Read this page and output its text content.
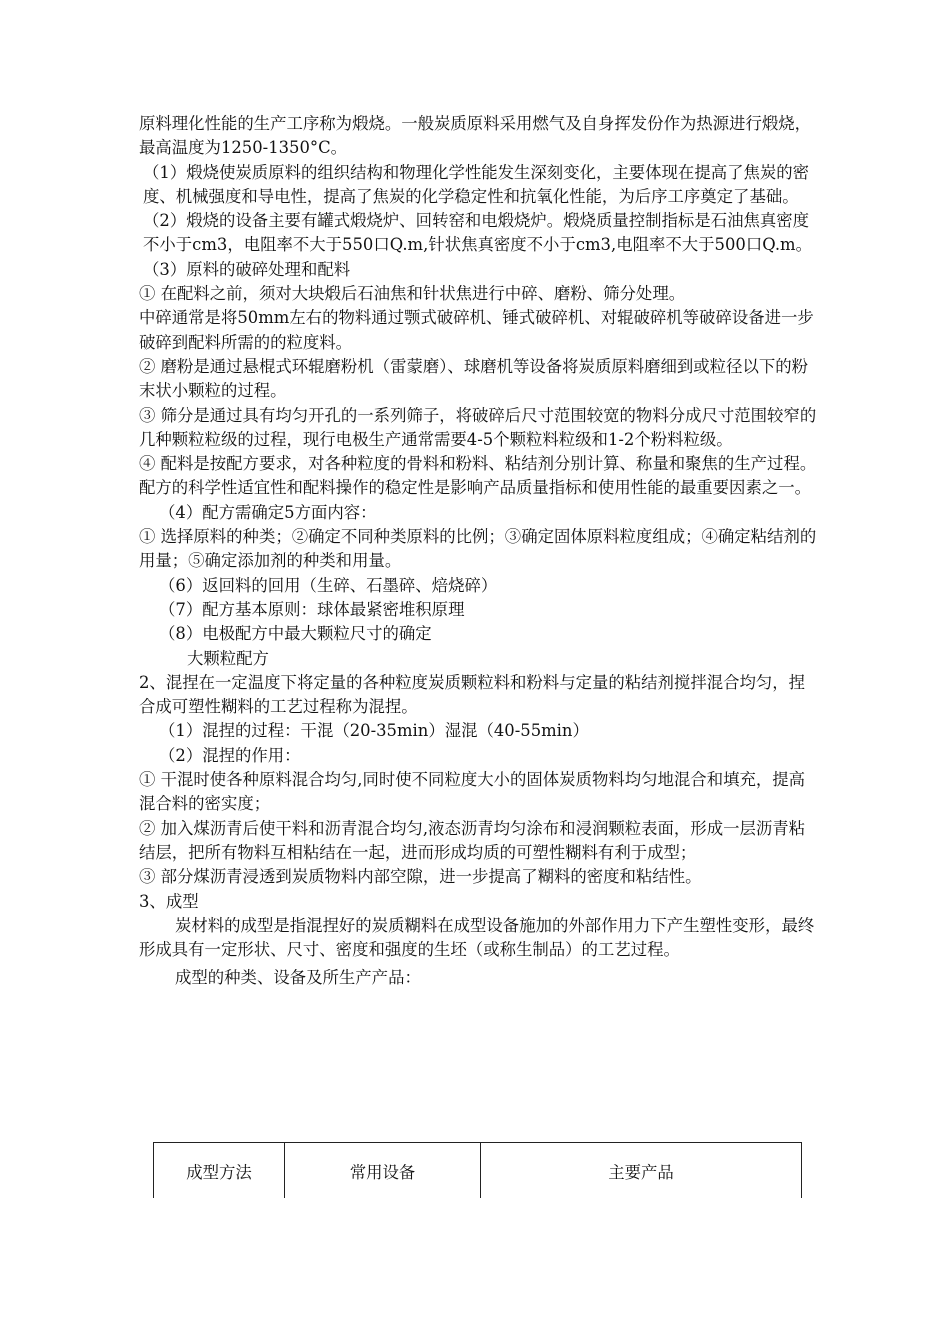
原料理化性能的生产工序称为煅烧。一般炭质原料采用燃气及自身挥发份作为热源进行煅烧，最高温度为1250-1350°C。

（1）煅烧使炭质原料的组织结构和物理化学性能发生深刻变化，主要体现在提高了焦炭的密度、机械强度和导电性，提高了焦炭的化学稳定性和抗氧化性能，为后序工序奠定了基础。

（2）煅烧的设备主要有罐式煅烧炉、回转窑和电煅烧炉。煅烧质量控制指标是石油焦真密度不小于cm3，电阻率不大于550口Q.m,针状焦真密度不小于cm3,电阻率不大于500口Q.m。

（3）原料的破碎处理和配料

① 在配料之前，须对大块煅后石油焦和针状焦进行中碎、磨粉、筛分处理。

中碎通常是将50mm左右的物料通过颚式破碎机、锤式破碎机、对辊破碎机等破碎设备进一步破碎到配料所需的的粒度料。

② 磨粉是通过悬棍式环辊磨粉机（雷蒙磨）、球磨机等设备将炭质原料磨细到或粒径以下的粉末状小颗粒的过程。

③ 筛分是通过具有均匀开孔的一系列筛子，将破碎后尺寸范围较宽的物料分成尺寸范围较窄的几种颗粒粒级的过程，现行电极生产通常需要4-5个颗粒料粒级和1-2个粉料粒级。

④ 配料是按配方要求，对各种粒度的骨料和粉料、粘结剂分别计算、称量和聚焦的生产过程。配方的科学性适宜性和配料操作的稳定性是影响产品质量指标和使用性能的最重要因素之一。

（4）配方需确定5方面内容：

① 选择原料的种类；②确定不同种类原料的比例；③确定固体原料粒度组成；④确定粘结剂的用量；⑤确定添加剂的种类和用量。

（6）返回料的回用（生碎、石墨碎、焙烧碎）

（7）配方基本原则：球体最紧密堆积原理

（8）电极配方中最大颗粒尺寸的确定

大颗粒配方

2、混捏在一定温度下将定量的各种粒度炭质颗粒料和粉料与定量的粘结剂搅拌混合均匀，捏合成可塑性糊料的工艺过程称为混捏。

（1）混捏的过程：干混（20-35min）湿混（40-55min）

（2）混捏的作用：

① 干混时使各种原料混合均匀,同时使不同粒度大小的固体炭质物料均匀地混合和填充，提高混合料的密实度；

② 加入煤沥青后使干料和沥青混合均匀,液态沥青均匀涂布和浸润颗粒表面，形成一层沥青粘结层，把所有物料互相粘结在一起，进而形成均质的可塑性糊料有利于成型；

③ 部分煤沥青浸透到炭质物料内部空隙，进一步提高了糊料的密度和粘结性。

3、成型

炭材料的成型是指混捏好的炭质糊料在成型设备施加的外部作用力下产生塑性变形，最终形成具有一定形状、尺寸、密度和强度的生坯（或称生制品）的工艺过程。

成型的种类、设备及所生产产品：

成型方法	常用设备	主要产品
